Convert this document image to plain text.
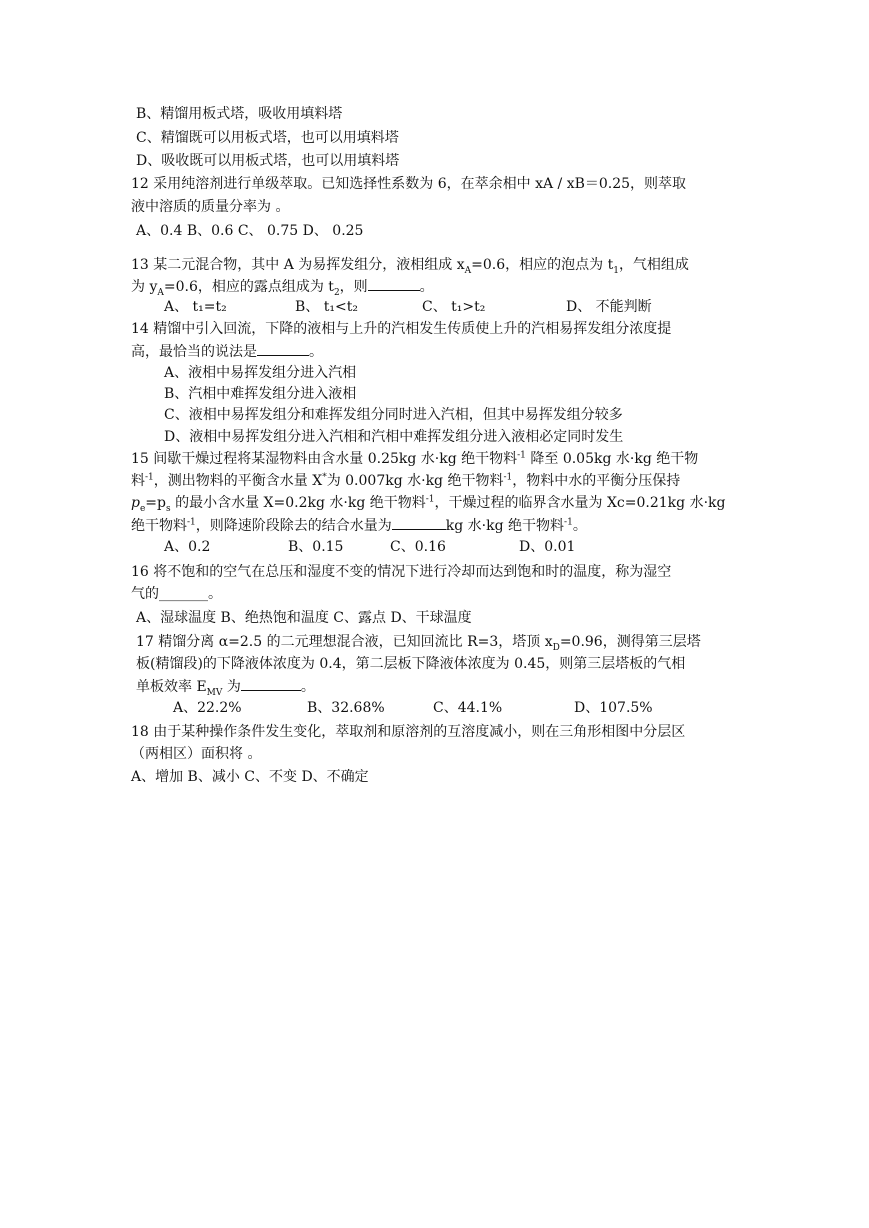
B、精馏用板式塔，吸收用填料塔
C、精馏既可以用板式塔，也可以用填料塔
D、吸收既可以用板式塔，也可以用填料塔
12 采用纯溶剂进行单级萃取。已知选择性系数为 6，在萃余相中 xA / xB＝0.25，则萃取
液中溶质的质量分率为 。
A、0.4 B、0.6 C、 0.75 D、 0.25
13 某二元混合物，其中 A 为易挥发组分，液相组成 $x_A=0.6$，相应的泡点为 $t_1$，气相组成
为 $y_A=0.6$，相应的露点组成为 $t_2$，则	。
A、 t₁=t₂	B、 t₁<t₂	C、 t₁>t₂	D、 不能判断
14 精馏中引入回流，下降的液相与上升的汽相发生传质使上升的汽相易挥发组分浓度提
高，最恰当的说法是	。
A、液相中易挥发组分进入汽相
B、汽相中难挥发组分进入液相
C、液相中易挥发组分和难挥发组分同时进入汽相，但其中易挥发组分较多
D、液相中易挥发组分进入汽相和汽相中难挥发组分进入液相必定同时发生
15 间歇干燥过程将某湿物料由含水量 0.25kg 水·kg 绝干物料$^{-1}$ 降至 0.05kg 水·kg 绝干物
料$^{-1}$，测出物料的平衡含水量 X*为 0.007kg 水·kg 绝干物料$^{-1}$，物料中水的平衡分压保持
$p_e=p_s$ 的最小含水量 X=0.2kg 水·kg 绝干物料$^{-1}$，干燥过程的临界含水量为 Xc=0.21kg 水·kg
绝干物料$^{-1}$，则降速阶段除去的结合水量为	kg 水·kg 绝干物料$^{-1}$。
A、0.2	B、0.15	C、0.16	D、0.01
16 将不饱和的空气在总压和湿度不变的情况下进行冷却而达到饱和时的温度，称为湿空
气的_______。
A、湿球温度 B、绝热饱和温度 C、露点 D、干球温度
17 精馏分离 α=2.5 的二元理想混合液，已知回流比 R=3，塔顶 $x_D=0.96$，测得第三层塔
板(精馏段)的下降液体浓度为 0.4，第二层板下降液体浓度为 0.45，则第三层塔板的气相
单板效率 $E_{MV}$ 为	。
A、22.2%	B、32.68%	C、44.1%	D、107.5%
18 由于某种操作条件发生变化，萃取剂和原溶剂的互溶度减小，则在三角形相图中分层区
（两相区）面积将 。
A、增加 B、减小 C、不变 D、不确定
